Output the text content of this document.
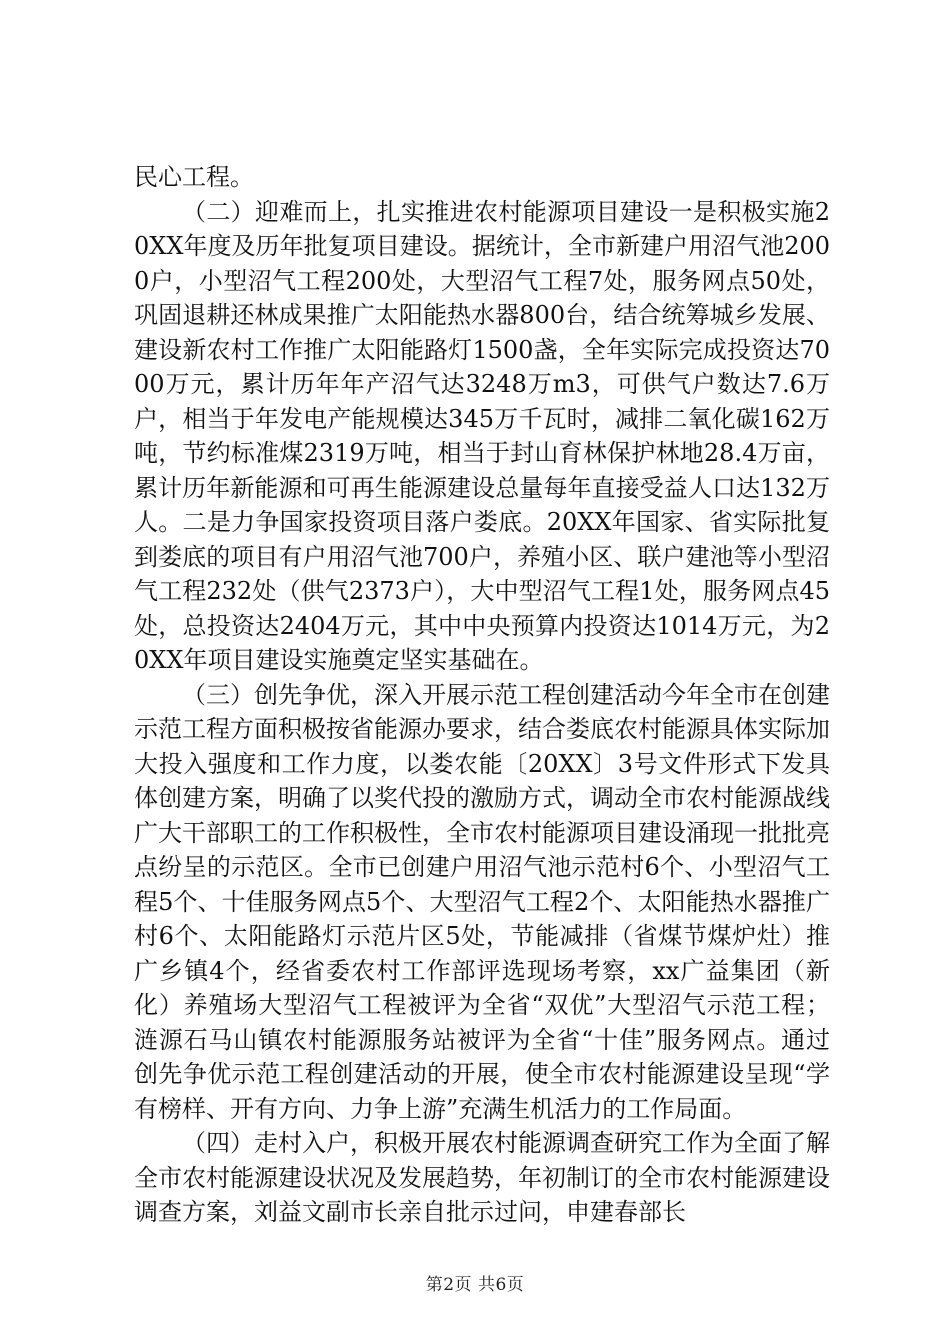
民心工程。

（二）迎难而上，扎实推进农村能源项目建设一是积极实施20XX年度及历年批复项目建设。据统计，全市新建户用沼气池2000户，小型沼气工程200处，大型沼气工程7处，服务网点50处，巩固退耕还林成果推广太阳能热水器800台，结合统筹城乡发展、建设新农村工作推广太阳能路灯1500盏，全年实际完成投资达7000万元，累计历年年产沼气达3248万m3，可供气户数达7.6万户，相当于年发电产能规模达345万千瓦时，减排二氧化碳162万吨，节约标准煤2319万吨，相当于封山育林保护林地28.4万亩，累计历年新能源和可再生能源建设总量每年直接受益人口达132万人。二是力争国家投资项目落户娄底。20XX年国家、省实际批复到娄底的项目有户用沼气池700户，养殖小区、联户建池等小型沼气工程232处（供气2373户），大中型沼气工程1处，服务网点45处，总投资达2404万元，其中中央预算内投资达1014万元，为20XX年项目建设实施奠定坚实基础在。

（三）创先争优，深入开展示范工程创建活动今年全市在创建示范工程方面积极按省能源办要求，结合娄底农村能源具体实际加大投入强度和工作力度，以娄农能〔20XX〕3号文件形式下发具体创建方案，明确了以奖代投的激励方式，调动全市农村能源战线广大干部职工的工作积极性，全市农村能源项目建设涌现一批批亮点纷呈的示范区。全市已创建户用沼气池示范村6个、小型沼气工程5个、十佳服务网点5个、大型沼气工程2个、太阳能热水器推广村6个、太阳能路灯示范片区5处，节能减排（省煤节煤炉灶）推广乡镇4个，经省委农村工作部评选现场考察，xx广益集团（新化）养殖场大型沼气工程被评为全省“双优”大型沼气示范工程；涟源石马山镇农村能源服务站被评为全省“十佳”服务网点。通过创先争优示范工程创建活动的开展，使全市农村能源建设呈现“学有榜样、开有方向、力争上游”充满生机活力的工作局面。

（四）走村入户，积极开展农村能源调查研究工作为全面了解全市农村能源建设状况及发展趋势，年初制订的全市农村能源建设调查方案，刘益文副市长亲自批示过问，申建春部长

第2页 共6页
